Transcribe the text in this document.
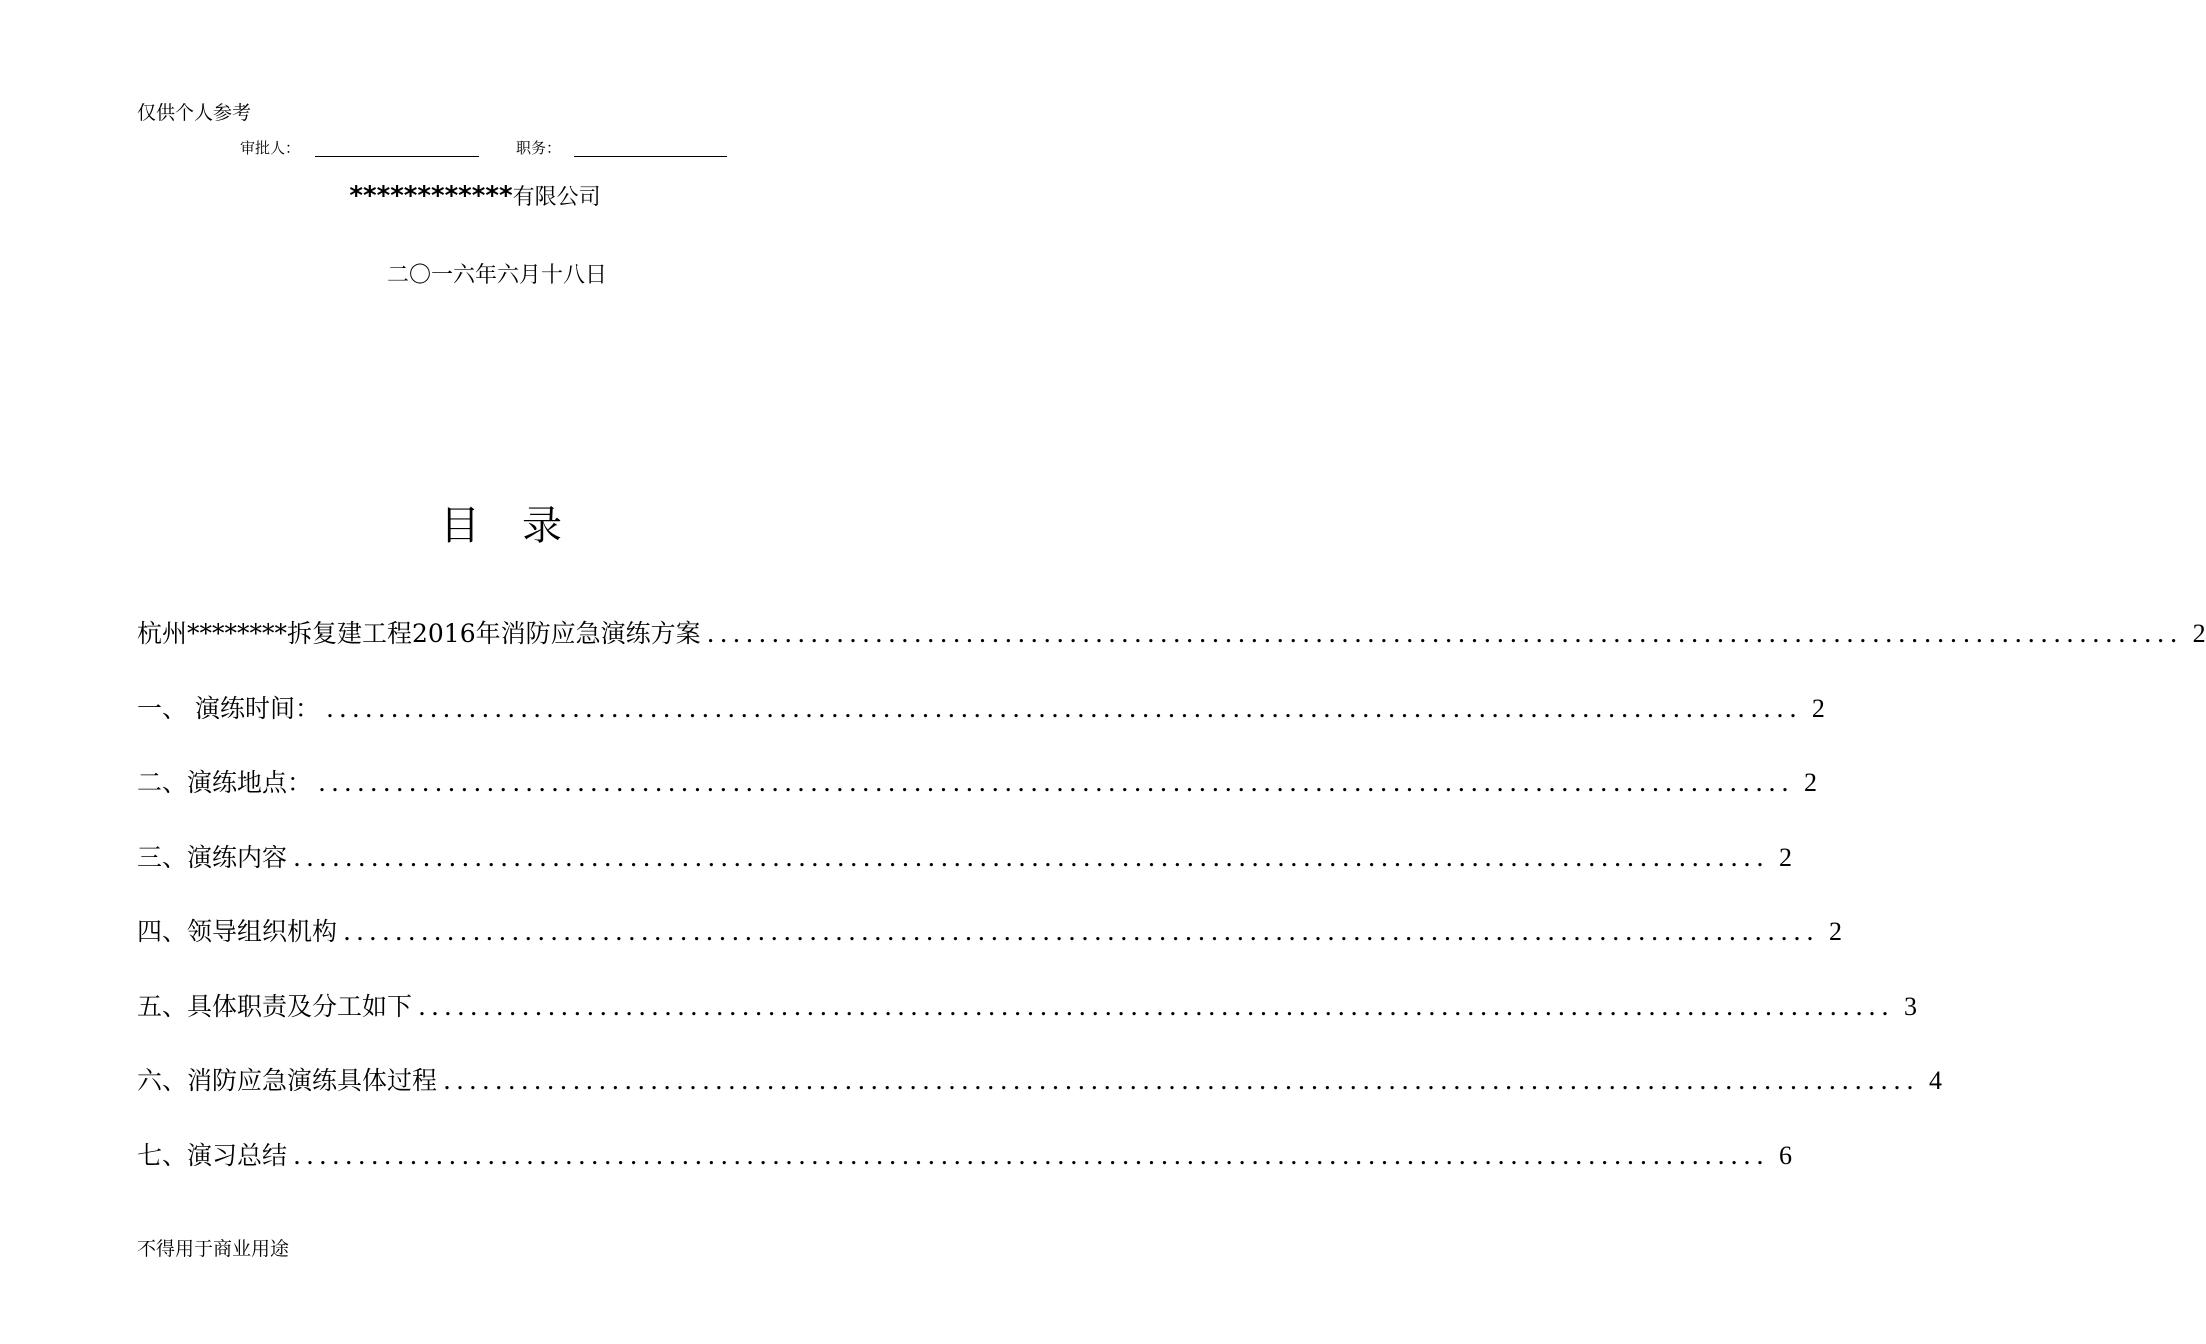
仅供个人参考
审批人：	职务：
************有限公司
二〇一六年六月十八日
目录
杭州********拆复建工程2016年消防应急演练方案 .................................................................................................................. 2
一、 演练时间： .................................................................................................................. 2
二、演练地点： .................................................................................................................. 2
三、演练内容 .................................................................................................................. 2
四、领导组织机构 .................................................................................................................. 2
五、具体职责及分工如下 .................................................................................................................. 3
六、消防应急演练具体过程 .................................................................................................................. 4
七、演习总结 .................................................................................................................. 6
不得用于商业用途
